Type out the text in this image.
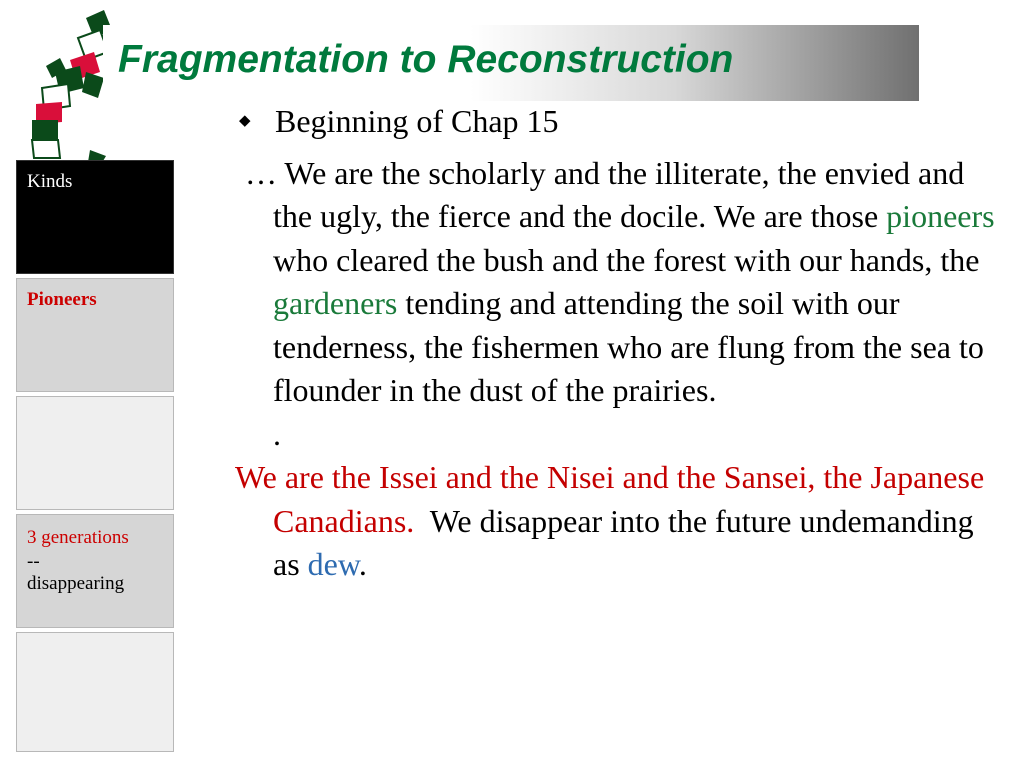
Fragmentation to Reconstruction
Kinds
Pioneers
3 generations
--
disappearing
◆ Beginning of Chap 15
… We are the scholarly and the illiterate, the envied and the ugly, the fierce and the docile. We are those pioneers who cleared the bush and the forest with our hands, the gardeners tending and attending the soil with our tenderness, the fishermen who are flung from the sea to flounder in the dust of the prairies.
.
We are the Issei and the Nisei and the Sansei, the Japanese Canadians.  We disappear into the future undemanding as dew.
